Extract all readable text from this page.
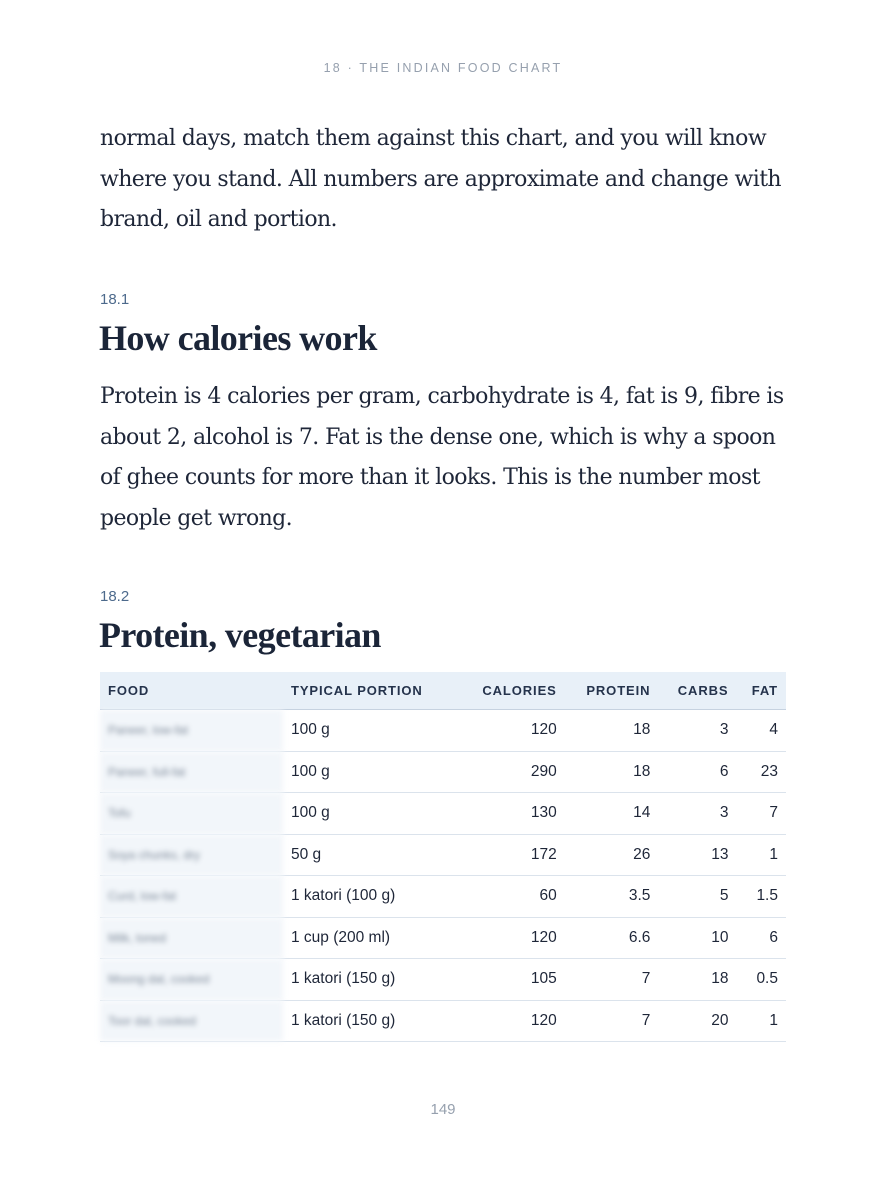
18 · THE INDIAN FOOD CHART

normal days, match them against this chart, and you will know where you stand. All numbers are approximate and change with brand, oil and portion.

18.1
How calories work

Protein is 4 calories per gram, carbohydrate is 4, fat is 9, fibre is about 2, alcohol is 7. Fat is the dense one, which is why a spoon of ghee counts for more than it looks. This is the number most people get wrong.

18.2
Protein, vegetarian
FOOD	TYPICAL PORTION	CALORIES	PROTEIN	CARBS	FAT
Paneer, low-fat	100 g	120	18	3	4
Paneer, full-fat	100 g	290	18	6	23
Tofu	100 g	130	14	3	7
Soya chunks, dry	50 g	172	26	13	1
Curd, low-fat	1 katori (100 g)	60	3.5	5	1.5
Milk, toned	1 cup (200 ml)	120	6.6	10	6
Moong dal, cooked	1 katori (150 g)	105	7	18	0.5
Toor dal, cooked	1 katori (150 g)	120	7	20	1
149
